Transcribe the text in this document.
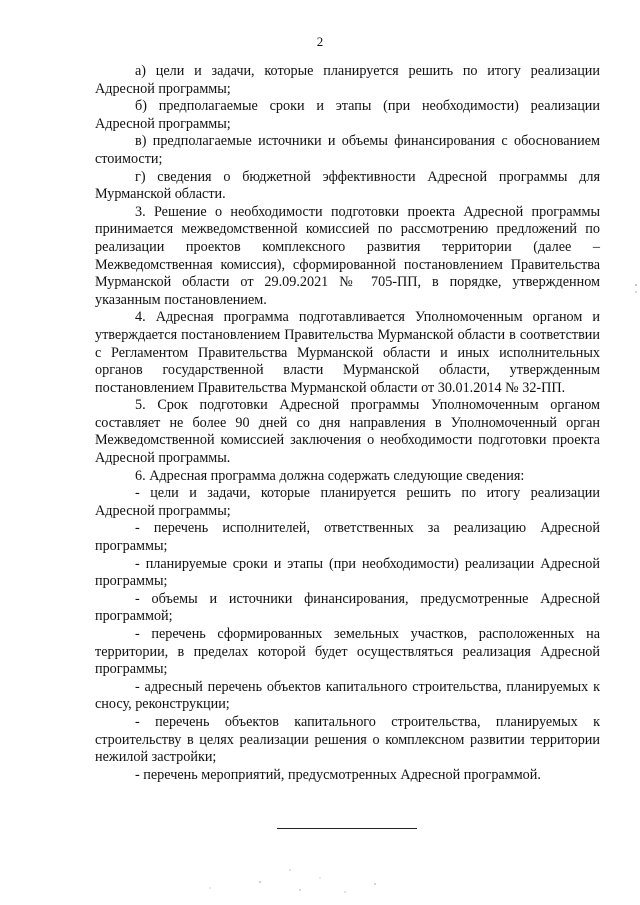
2

а) цели и задачи, которые планируется решить по итогу реализации Адресной программы;

б) предполагаемые сроки и этапы (при необходимости) реализации Адресной программы;

в) предполагаемые источники и объемы финансирования с обоснованием стоимости;

г) сведения о бюджетной эффективности Адресной программы для Мурманской области.

3. Решение о необходимости подготовки проекта Адресной программы принимается межведомственной комиссией по рассмотрению предложений по реализации проектов комплексного развития территории (далее – Межведомственная комиссия), сформированной постановлением Правительства Мурманской области от 29.09.2021 № 705-ПП, в порядке, утвержденном указанным постановлением.

4. Адресная программа подготавливается Уполномоченным органом и утверждается постановлением Правительства Мурманской области в соответствии с Регламентом Правительства Мурманской области и иных исполнительных органов государственной власти Мурманской области, утвержденным постановлением Правительства Мурманской области от 30.01.2014 № 32-ПП.

5. Срок подготовки Адресной программы Уполномоченным органом составляет не более 90 дней со дня направления в Уполномоченный орган Межведомственной комиссией заключения о необходимости подготовки проекта Адресной программы.

6. Адресная программа должна содержать следующие сведения:

- цели и задачи, которые планируется решить по итогу реализации Адресной программы;

- перечень исполнителей, ответственных за реализацию Адресной программы;

- планируемые сроки и этапы (при необходимости) реализации Адресной программы;

- объемы и источники финансирования, предусмотренные Адресной программой;

- перечень сформированных земельных участков, расположенных на территории, в пределах которой будет осуществляться реализация Адресной программы;

- адресный перечень объектов капитального строительства, планируемых к сносу, реконструкции;

- перечень объектов капитального строительства, планируемых к строительству в целях реализации решения о комплексном развитии территории нежилой застройки;

- перечень мероприятий, предусмотренных Адресной программой.
